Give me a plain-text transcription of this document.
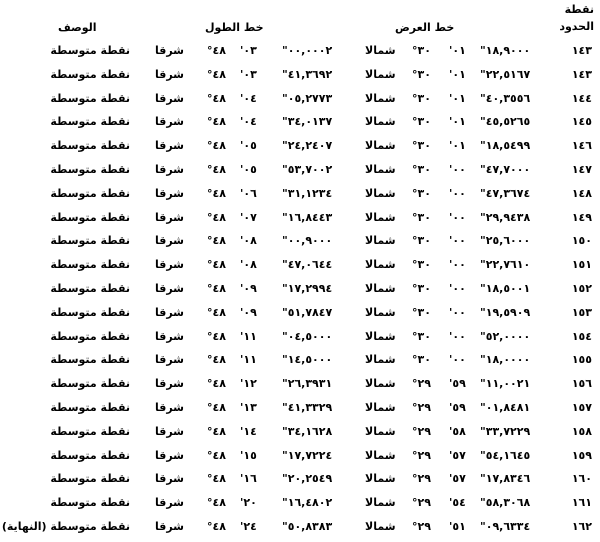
نقطة
الحدود
خط العرض
خط الطول
الوصف
١٤٣
"١٨,٩٠٠٠
'٠١
°٣٠
شمالا
"٠٠,٠٠٠٢
'٠٣
°٤٨
شرقا
نقطة متوسطة
١٤٣
"٢٢,٥١٦٧
'٠١
°٣٠
شمالا
"٤١,٣٦٩٢
'٠٣
°٤٨
شرقا
نقطة متوسطة
١٤٤
"٤٠,٣٥٥٦
'٠١
°٣٠
شمالا
"٠٥,٢٧٧٣
'٠٤
°٤٨
شرقا
نقطة متوسطة
١٤٥
"٤٥,٥٢٦٥
'٠١
°٣٠
شمالا
"٣٤,٠١٣٧
'٠٤
°٤٨
شرقا
نقطة متوسطة
١٤٦
"١٨,٥٤٩٩
'٠١
°٣٠
شمالا
"٢٤,٢٤٠٧
'٠٥
°٤٨
شرقا
نقطة متوسطة
١٤٧
"٤٧,٧٠٠٠
'٠٠
°٣٠
شمالا
"٥٣,٧٠٠٢
'٠٥
°٤٨
شرقا
نقطة متوسطة
١٤٨
"٤٧,٣٦٧٤
'٠٠
°٣٠
شمالا
"٣١,١٢٣٤
'٠٦
°٤٨
شرقا
نقطة متوسطة
١٤٩
"٢٩,٩٤٣٨
'٠٠
°٣٠
شمالا
"١٦,٨٤٤٣
'٠٧
°٤٨
شرقا
نقطة متوسطة
١٥٠
"٢٥,٦٠٠٠
'٠٠
°٣٠
شمالا
"٠٠,٩٠٠٠
'٠٨
°٤٨
شرقا
نقطة متوسطة
١٥١
"٢٢,٧٦١٠
'٠٠
°٣٠
شمالا
"٤٧,٠٦٤٤
'٠٨
°٤٨
شرقا
نقطة متوسطة
١٥٢
"١٨,٥٠٠١
'٠٠
°٣٠
شمالا
"١٧,٢٩٩٤
'٠٩
°٤٨
شرقا
نقطة متوسطة
١٥٣
"١٩,٥٩٠٩
'٠٠
°٣٠
شمالا
"٥١,٧٨٤٧
'٠٩
°٤٨
شرقا
نقطة متوسطة
١٥٤
"٥٢,٠٠٠٠
'٠٠
°٣٠
شمالا
"٠٤,٥٠٠٠
'١١
°٤٨
شرقا
نقطة متوسطة
١٥٥
"١٨,٠٠٠٠
'٠٠
°٣٠
شمالا
"١٤,٥٠٠٠
'١١
°٤٨
شرقا
نقطة متوسطة
١٥٦
"١١,٠٠٢١
'٥٩
°٢٩
شمالا
"٢٦,٣٩٣١
'١٢
°٤٨
شرقا
نقطة متوسطة
١٥٧
"٠١,٨٤٨١
'٥٩
°٢٩
شمالا
"٤١,٣٣٢٩
'١٣
°٤٨
شرقا
نقطة متوسطة
١٥٨
"٣٣,٧٢٢٩
'٥٨
°٢٩
شمالا
"٣٤,١٦٢٨
'١٤
°٤٨
شرقا
نقطة متوسطة
١٥٩
"٥٤,١٦٤٥
'٥٧
°٢٩
شمالا
"١٧,٧٢٢٤
'١٥
°٤٨
شرقا
نقطة متوسطة
١٦٠
"١٧,٨٣٤٦
'٥٧
°٢٩
شمالا
"٢٠,٢٥٤٩
'١٦
°٤٨
شرقا
نقطة متوسطة
١٦١
"٥٨,٣٠٦٨
'٥٤
°٢٩
شمالا
"١٦,٤٨٠٢
'٢٠
°٤٨
شرقا
نقطة متوسطة
١٦٢
"٠٩,٦٣٣٤
'٥١
°٢٩
شمالا
"٥٠,٨٣٨٣
'٢٤
°٤٨
شرقا
نقطة متوسطة (النهاية)
